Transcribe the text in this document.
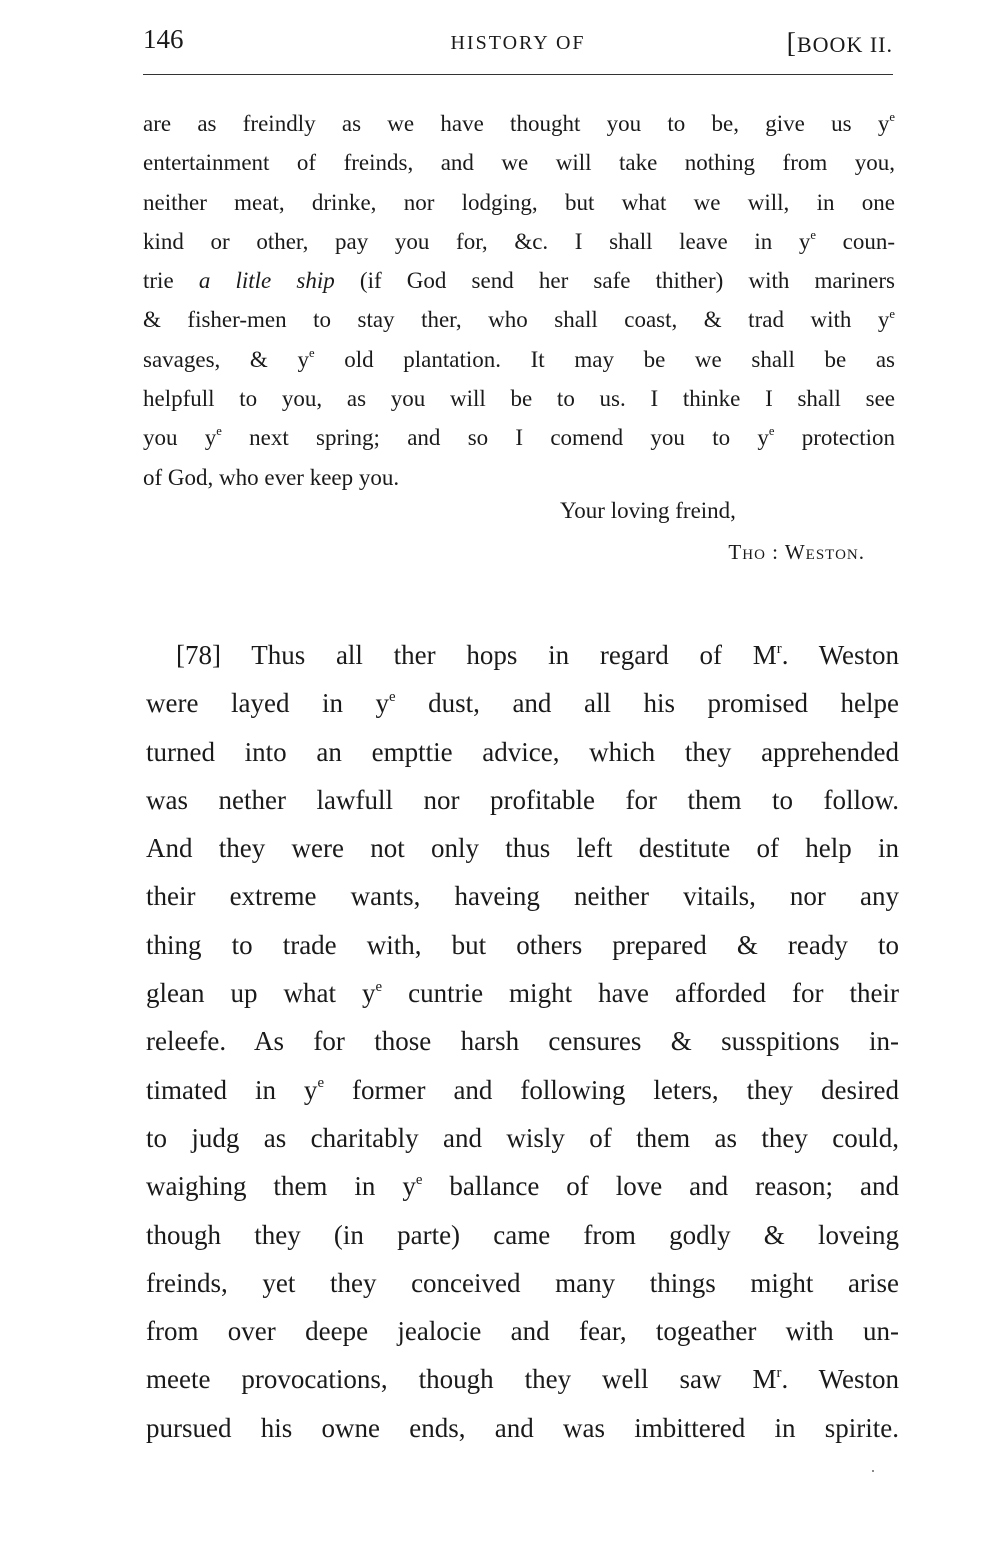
146	HISTORY OF	[BOOK II.
are as freindly as we have thought you to be, give us $y^e$
entertainment of freinds, and we will take nothing from you,
neither meat, drinke, nor lodging, but what we will, in one
kind or other, pay you for, &c. I shall leave in $y^e$ coun-
trie a litle ship (if God send her safe thither) with mariners
& fisher-men to stay ther, who shall coast, & trad with $y^e$
savages, & $y^e$ old plantation. It may be we shall be as
helpfull to you, as you will be to us. I thinke I shall see
you $y^e$ next spring; and so I comend you to $y^e$ protection
of God, who ever keep you.
Your loving freind,
Tho : Weston.
[78] Thus all ther hops in regard of $M^r$. Weston
were layed in $y^e$ dust, and all his promised helpe
turned into an empttie advice, which they apprehended
was nether lawfull nor profitable for them to follow.
And they were not only thus left destitute of help in
their extreme wants, haveing neither vitails, nor any
thing to trade with, but others prepared & ready to
glean up what $y^e$ cuntrie might have afforded for their
releefe. As for those harsh censures & susspitions in-
timated in $y^e$ former and following leters, they desired
to judg as charitably and wisly of them as they could,
waighing them in $y^e$ ballance of love and reason; and
though they (in parte) came from godly & loveing
freinds, yet they conceived many things might arise
from over deepe jealocie and fear, togeather with un-
meete provocations, though they well saw $M^r$. Weston
pursued his owne ends, and was imbittered in spirite.
